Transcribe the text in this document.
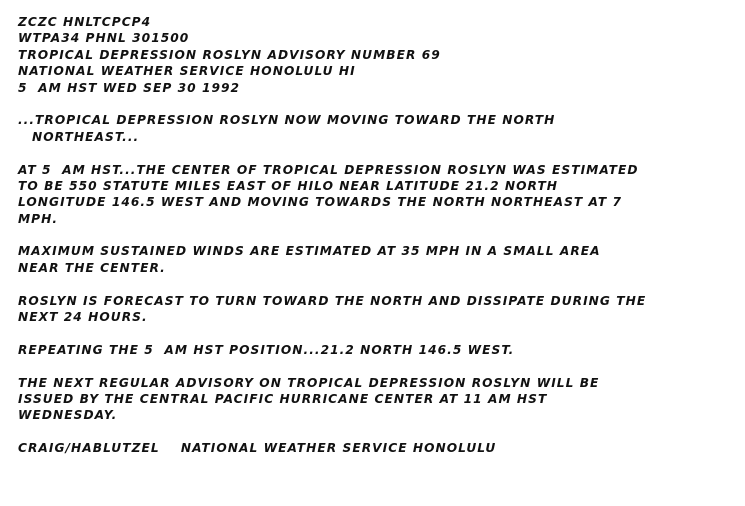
ZCZC HNLTCPCP4
WTPA34 PHNL 301500
TROPICAL DEPRESSION ROSLYN ADVISORY NUMBER 69
NATIONAL WEATHER SERVICE HONOLULU HI
5  AM HST WED SEP 30 1992
...TROPICAL DEPRESSION ROSLYN NOW MOVING TOWARD THE NORTH
NORTHEAST...
AT 5  AM HST...THE CENTER OF TROPICAL DEPRESSION ROSLYN WAS ESTIMATED
TO BE 550 STATUTE MILES EAST OF HILO NEAR LATITUDE 21.2 NORTH
LONGITUDE 146.5 WEST AND MOVING TOWARDS THE NORTH NORTHEAST AT 7
MPH.
MAXIMUM SUSTAINED WINDS ARE ESTIMATED AT 35 MPH IN A SMALL AREA
NEAR THE CENTER.
ROSLYN IS FORECAST TO TURN TOWARD THE NORTH AND DISSIPATE DURING THE
NEXT 24 HOURS.
REPEATING THE 5  AM HST POSITION...21.2 NORTH 146.5 WEST.
THE NEXT REGULAR ADVISORY ON TROPICAL DEPRESSION ROSLYN WILL BE
ISSUED BY THE CENTRAL PACIFIC HURRICANE CENTER AT 11 AM HST
WEDNESDAY.
CRAIG/HABLUTZEL    NATIONAL WEATHER SERVICE HONOLULU
